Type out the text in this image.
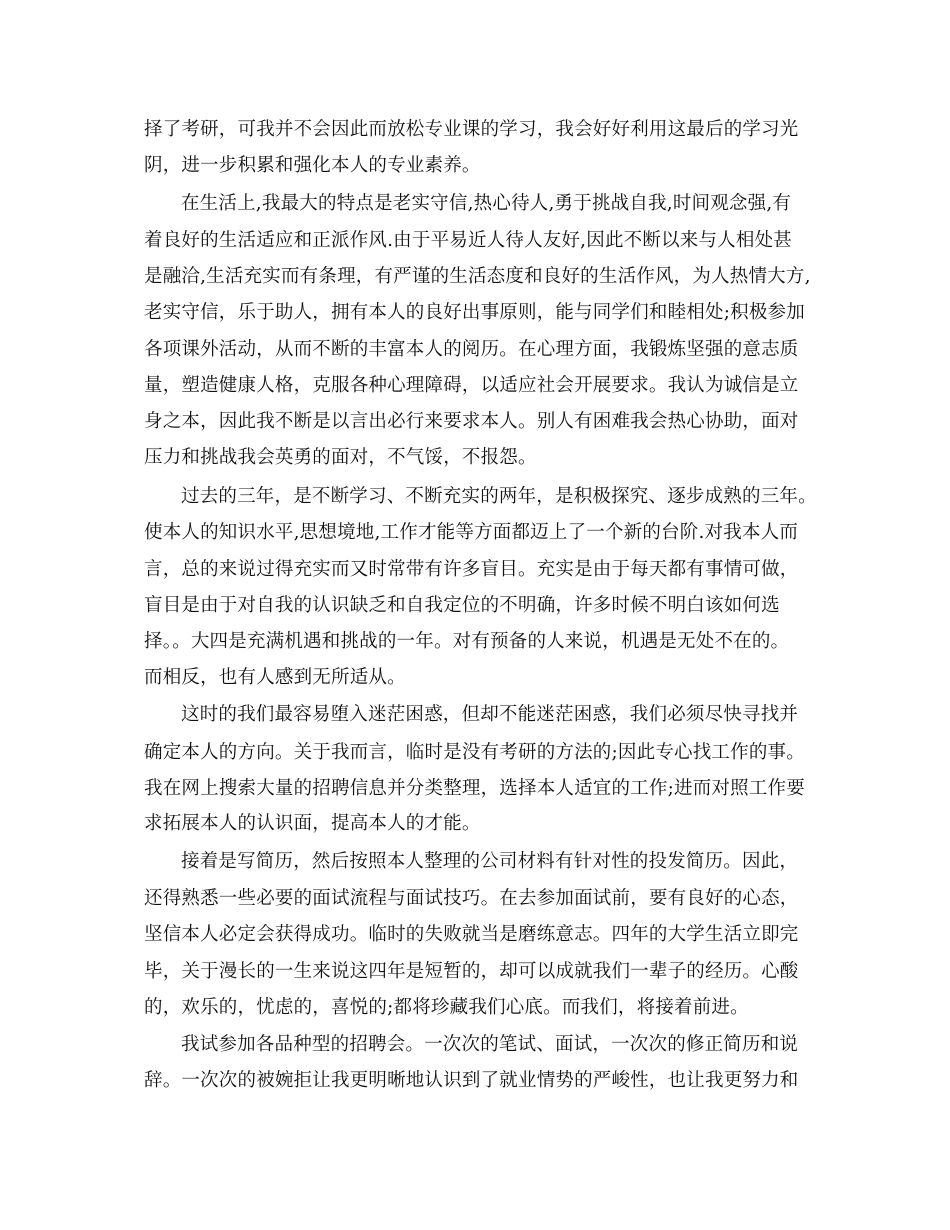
择了考研，可我并不会因此而放松专业课的学习，我会好好利用这最后的学习光
阴，进一步积累和强化本人的专业素养。
在生活上,我最大的特点是老实守信,热心待人,勇于挑战自我,时间观念强,有
着良好的生活适应和正派作风.由于平易近人待人友好,因此不断以来与人相处甚
是融洽,生活充实而有条理，有严谨的生活态度和良好的生活作风，为人热情大方,
老实守信，乐于助人，拥有本人的良好出事原则，能与同学们和睦相处;积极参加
各项课外活动，从而不断的丰富本人的阅历。在心理方面，我锻炼坚强的意志质
量，塑造健康人格，克服各种心理障碍，以适应社会开展要求。我认为诚信是立
身之本，因此我不断是以言出必行来要求本人。别人有困难我会热心协助，面对
压力和挑战我会英勇的面对，不气馁，不报怨。
过去的三年，是不断学习、不断充实的两年，是积极探究、逐步成熟的三年。
使本人的知识水平,思想境地,工作才能等方面都迈上了一个新的台阶.对我本人而
言，总的来说过得充实而又时常带有许多盲目。充实是由于每天都有事情可做，
盲目是由于对自我的认识缺乏和自我定位的不明确，许多时候不明白该如何选
择。。大四是充满机遇和挑战的一年。对有预备的人来说，机遇是无处不在的。
而相反，也有人感到无所适从。
这时的我们最容易堕入迷茫困惑，但却不能迷茫困惑，我们必须尽快寻找并
确定本人的方向。关于我而言，临时是没有考研的方法的;因此专心找工作的事。
我在网上搜索大量的招聘信息并分类整理，选择本人适宜的工作;进而对照工作要
求拓展本人的认识面，提高本人的才能。
接着是写简历，然后按照本人整理的公司材料有针对性的投发简历。因此，
还得熟悉一些必要的面试流程与面试技巧。在去参加面试前，要有良好的心态，
坚信本人必定会获得成功。临时的失败就当是磨练意志。四年的大学生活立即完
毕，关于漫长的一生来说这四年是短暂的，却可以成就我们一辈子的经历。心酸
的，欢乐的，忧虑的，喜悦的;都将珍藏我们心底。而我们，将接着前进。
我试参加各品种型的招聘会。一次次的笔试、面试，一次次的修正简历和说
辞。一次次的被婉拒让我更明晰地认识到了就业情势的严峻性，也让我更努力和
